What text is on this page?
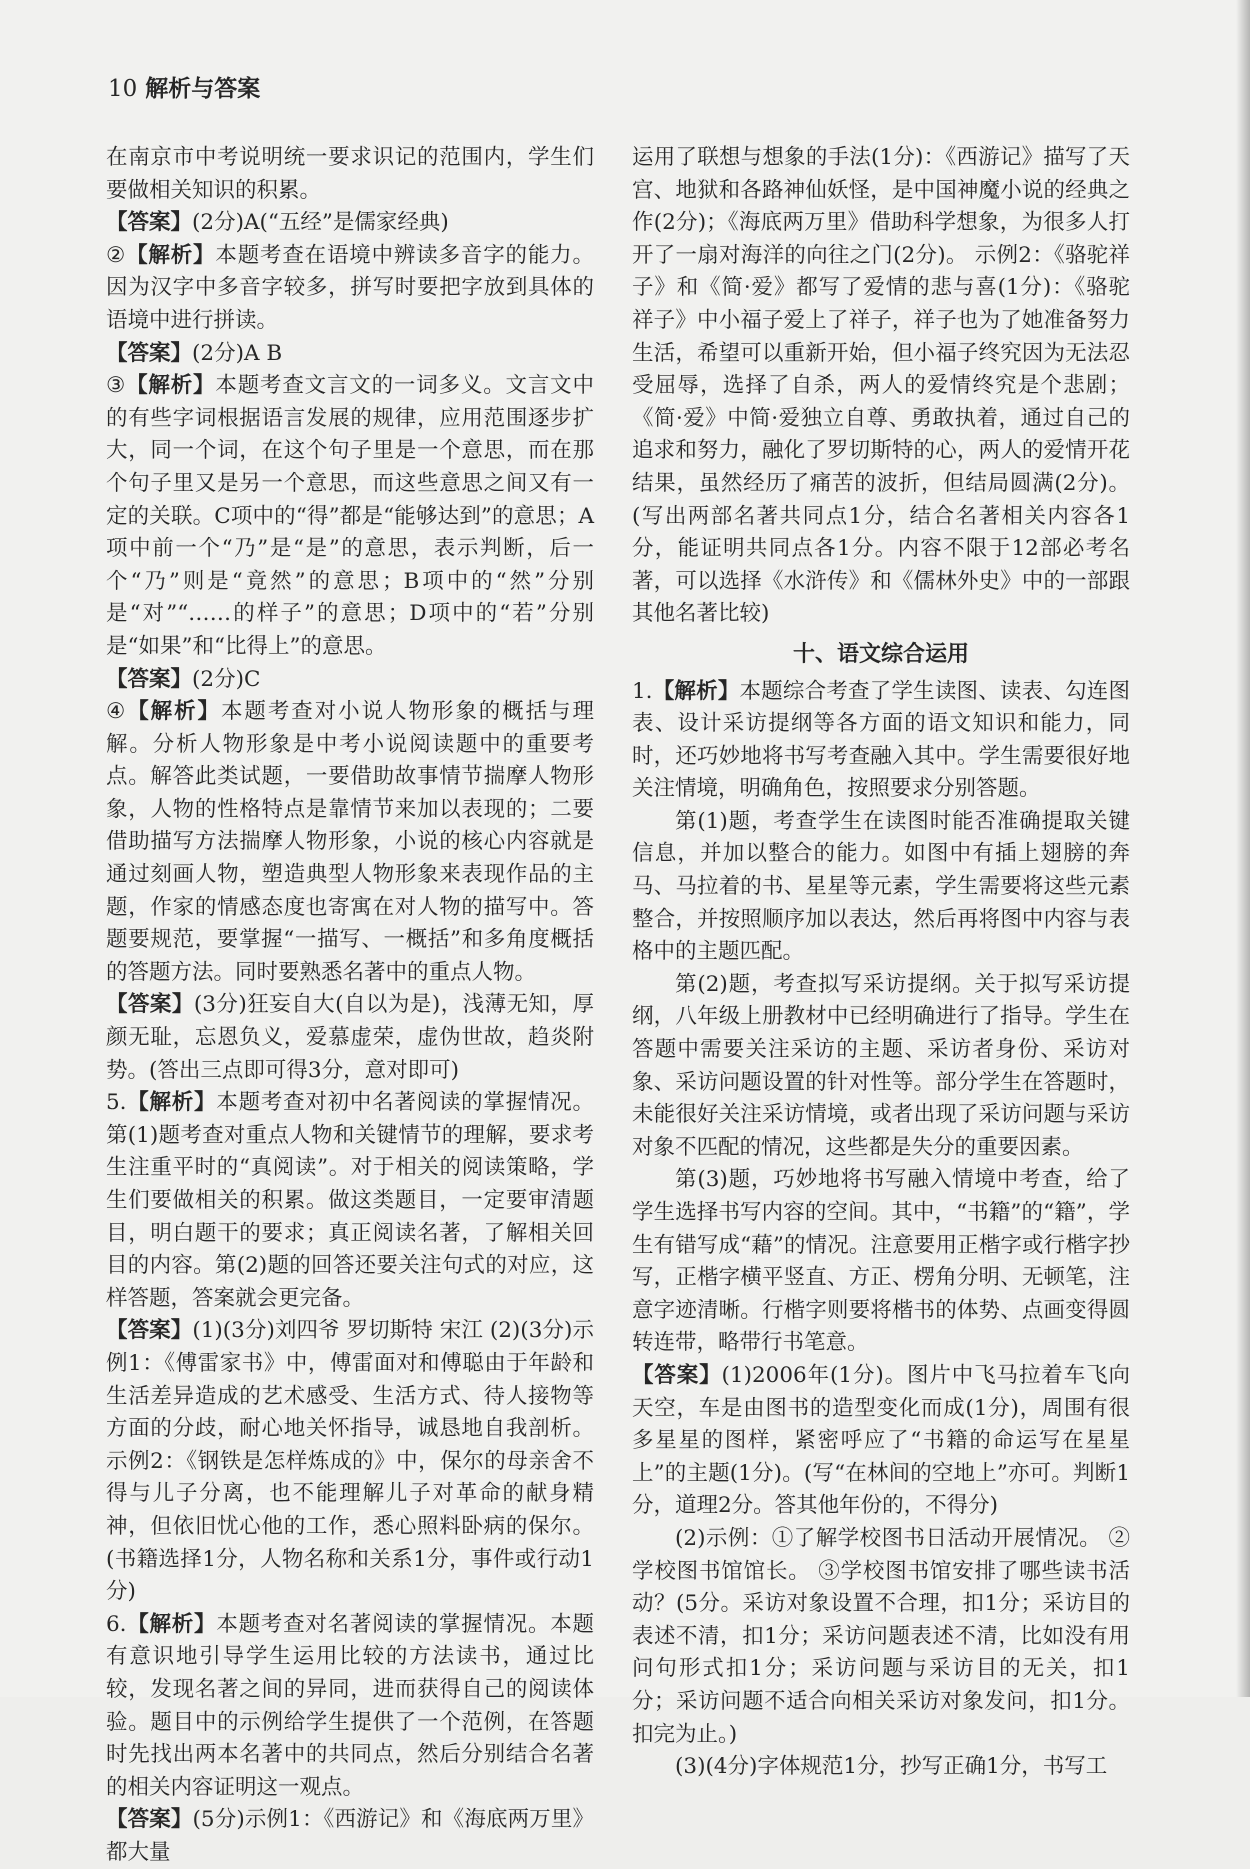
10 解析与答案

在南京市中考说明统一要求识记的范围内，学生们要做相关知识的积累。

【答案】(2分)A(“五经”是儒家经典)

②【解析】本题考查在语境中辨读多音字的能力。因为汉字中多音字较多，拼写时要把字放到具体的语境中进行拼读。

【答案】(2分)A B

③【解析】本题考查文言文的一词多义。文言文中的有些字词根据语言发展的规律，应用范围逐步扩大，同一个词，在这个句子里是一个意思，而在那个句子里又是另一个意思，而这些意思之间又有一定的关联。C项中的“得”都是“能够达到”的意思；A项中前一个“乃”是“是”的意思，表示判断，后一个“乃”则是“竟然”的意思；B项中的“然”分别是“对”“……的样子”的意思；D项中的“若”分别是“如果”和“比得上”的意思。

【答案】(2分)C

④【解析】本题考查对小说人物形象的概括与理解。分析人物形象是中考小说阅读题中的重要考点。解答此类试题，一要借助故事情节揣摩人物形象，人物的性格特点是靠情节来加以表现的；二要借助描写方法揣摩人物形象，小说的核心内容就是通过刻画人物，塑造典型人物形象来表现作品的主题，作家的情感态度也寄寓在对人物的描写中。答题要规范，要掌握“一描写、一概括”和多角度概括的答题方法。同时要熟悉名著中的重点人物。

【答案】(3分)狂妄自大(自以为是)，浅薄无知，厚颜无耻，忘恩负义，爱慕虚荣，虚伪世故，趋炎附势。(答出三点即可得3分，意对即可)

5.【解析】本题考查对初中名著阅读的掌握情况。第(1)题考查对重点人物和关键情节的理解，要求考生注重平时的“真阅读”。对于相关的阅读策略，学生们要做相关的积累。做这类题目，一定要审清题目，明白题干的要求；真正阅读名著，了解相关回目的内容。第(2)题的回答还要关注句式的对应，这样答题，答案就会更完备。

【答案】(1)(3分)刘四爷 罗切斯特 宋江 (2)(3分)示例1：《傅雷家书》中，傅雷面对和傅聪由于年龄和生活差异造成的艺术感受、生活方式、待人接物等方面的分歧，耐心地关怀指导，诚恳地自我剖析。 示例2：《钢铁是怎样炼成的》中，保尔的母亲舍不得与儿子分离，也不能理解儿子对革命的献身精神，但依旧忧心他的工作，悉心照料卧病的保尔。(书籍选择1分，人物名称和关系1分，事件或行动1分)

6.【解析】本题考查对名著阅读的掌握情况。本题有意识地引导学生运用比较的方法读书，通过比较，发现名著之间的异同，进而获得自己的阅读体验。题目中的示例给学生提供了一个范例，在答题时先找出两本名著中的共同点，然后分别结合名著的相关内容证明这一观点。

【答案】(5分)示例1：《西游记》和《海底两万里》都大量

运用了联想与想象的手法(1分)：《西游记》描写了天宫、地狱和各路神仙妖怪，是中国神魔小说的经典之作(2分)；《海底两万里》借助科学想象，为很多人打开了一扇对海洋的向往之门(2分)。 示例2：《骆驼祥子》和《简·爱》都写了爱情的悲与喜(1分)：《骆驼祥子》中小福子爱上了祥子，祥子也为了她准备努力生活，希望可以重新开始，但小福子终究因为无法忍受屈辱，选择了自杀，两人的爱情终究是个悲剧；《简·爱》中简·爱独立自尊、勇敢执着，通过自己的追求和努力，融化了罗切斯特的心，两人的爱情开花结果，虽然经历了痛苦的波折，但结局圆满(2分)。(写出两部名著共同点1分，结合名著相关内容各1分，能证明共同点各1分。内容不限于12部必考名著，可以选择《水浒传》和《儒林外史》中的一部跟其他名著比较)

十、语文综合运用

1.【解析】本题综合考查了学生读图、读表、勾连图表、设计采访提纲等各方面的语文知识和能力，同时，还巧妙地将书写考查融入其中。学生需要很好地关注情境，明确角色，按照要求分别答题。

第(1)题，考查学生在读图时能否准确提取关键信息，并加以整合的能力。如图中有插上翅膀的奔马、马拉着的书、星星等元素，学生需要将这些元素整合，并按照顺序加以表达，然后再将图中内容与表格中的主题匹配。

第(2)题，考查拟写采访提纲。关于拟写采访提纲，八年级上册教材中已经明确进行了指导。学生在答题中需要关注采访的主题、采访者身份、采访对象、采访问题设置的针对性等。部分学生在答题时，未能很好关注采访情境，或者出现了采访问题与采访对象不匹配的情况，这些都是失分的重要因素。

第(3)题，巧妙地将书写融入情境中考查，给了学生选择书写内容的空间。其中，“书籍”的“籍”，学生有错写成“藉”的情况。注意要用正楷字或行楷字抄写，正楷字横平竖直、方正、楞角分明、无顿笔，注意字迹清晰。行楷字则要将楷书的体势、点画变得圆转连带，略带行书笔意。

【答案】(1)2006年(1分)。图片中飞马拉着车飞向天空，车是由图书的造型变化而成(1分)，周围有很多星星的图样，紧密呼应了“书籍的命运写在星星上”的主题(1分)。(写“在林间的空地上”亦可。判断1分，道理2分。答其他年份的，不得分)

(2)示例：①了解学校图书日活动开展情况。 ②学校图书馆馆长。 ③学校图书馆安排了哪些读书活动？(5分。采访对象设置不合理，扣1分；采访目的表述不清，扣1分；采访问题表述不清，比如没有用问句形式扣1分；采访问题与采访目的无关，扣1分；采访问题不适合向相关采访对象发问，扣1分。扣完为止。)

(3)(4分)字体规范1分，抄写正确1分，书写工
